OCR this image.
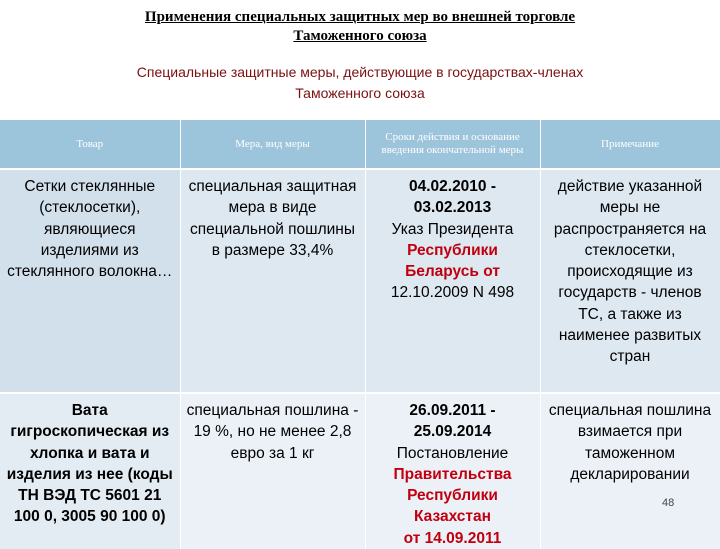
Применения специальных защитных мер во внешней торговле
Таможенного союза
Специальные защитные меры, действующие в государствах-членах
Таможенного союза
Товар	Мера, вид меры	Сроки действия и основание введения окончательной меры	Примечание
Сетки стеклянные (стеклосетки), являющиеся изделиями из стеклянного волокна…	специальная защитная мера в виде специальной пошлины в размере 33,4%	04.02.2010 - 03.02.2013
Указ Президента
Республики Беларусь от
12.10.2009 N 498	действие указанной меры не распространяется на стеклосетки, происходящие из государств - членов ТС, а также из наименее развитых стран
Вата гигроскопическая из хлопка и вата и изделия из нее (коды ТН ВЭД ТС 5601 21 100 0, 3005 90 100 0)	специальная пошлина - 19 %, но не менее 2,8 евро за 1 кг	26.09.2011 - 25.09.2014
Постановление
Правительства Республики Казахстан
от 14.09.2011	специальная пошлина взимается при таможенном декларировании
48
